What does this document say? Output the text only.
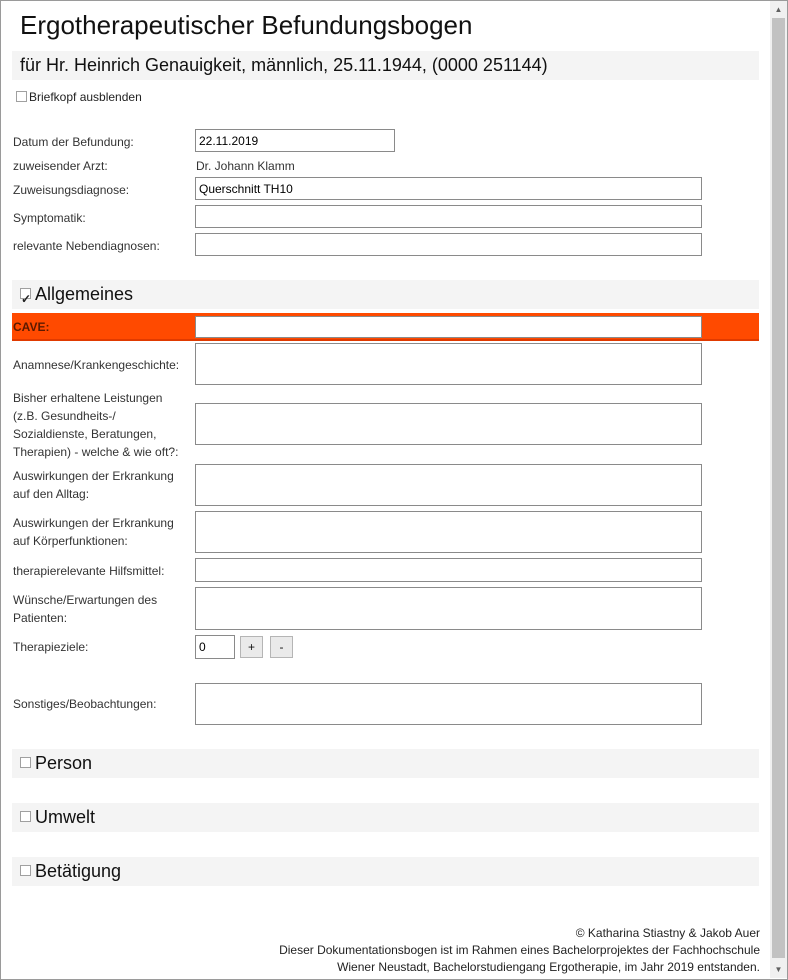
Ergotherapeutischer Befundungsbogen
für Hr. Heinrich Genauigkeit, männlich, 25.11.1944, (0000 251144)
Briefkopf ausblenden
Datum der Befundung:
22.11.2019
zuweisender Arzt:	Dr. Johann Klamm
Zuweisungsdiagnose:
Querschnitt TH10
Symptomatik:
relevante Nebendiagnosen:
✓Allgemeines
CAVE:
Anamnese/Krankengeschichte:
Bisher erhaltene Leistungen
(z.B. Gesundheits-/
Sozialdienste, Beratungen,
Therapien) - welche & wie oft?:
Auswirkungen der Erkrankung
auf den Alltag:
Auswirkungen der Erkrankung
auf Körperfunktionen:
therapierelevante Hilfsmittel:
Wünsche/Erwartungen des
Patienten:
Therapieziele:
0	+	-
Sonstiges/Beobachtungen:
Person
Umwelt
Betätigung
© Katharina Stiastny & Jakob Auer
Dieser Dokumentationsbogen ist im Rahmen eines Bachelorprojektes der Fachhochschule
Wiener Neustadt, Bachelorstudiengang Ergotherapie, im Jahr 2019 entstanden.
▲
▼
